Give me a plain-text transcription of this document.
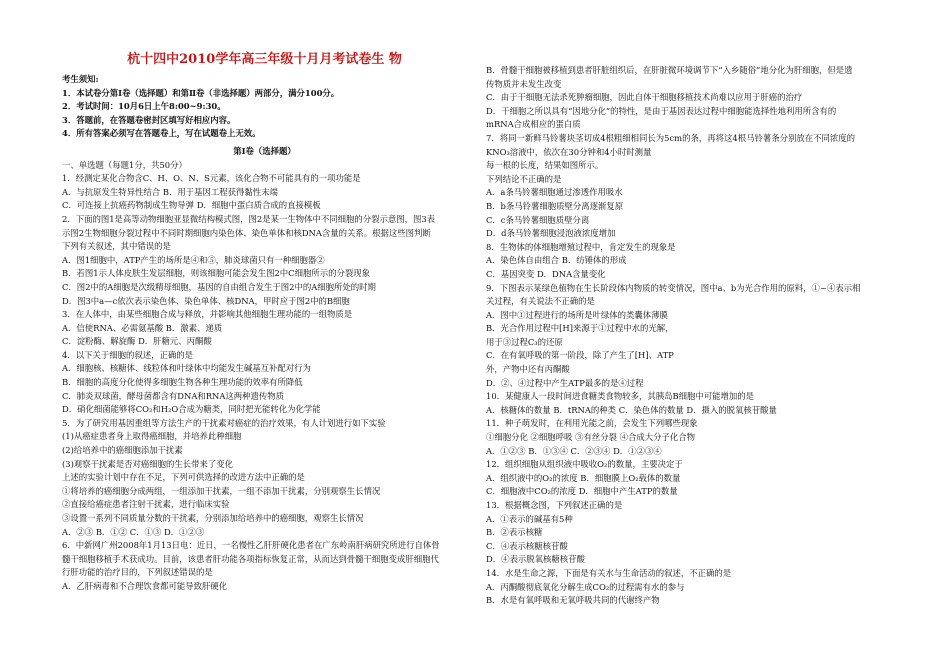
杭十四中2010学年高三年级十月月考试卷生 物
考生须知:
1．本试卷分第Ⅰ卷（选择题）和第Ⅱ卷（非选择题）两部分，满分100分。
2．考试时间：10月6日上午8:00~9:30。
3．答题前，在答题卷密封区填写好相应内容。
4．所有答案必须写在答题卷上，写在试题卷上无效。
第Ⅰ卷（选择题）
一、单选题（每题1分，共50分）
1．经测定某化合物含C、H、O、N、S元素，该化合物不可能具有的一项功能是
A．与抗原发生特异性结合 B．用于基因工程获得黏性末端
C．可连接上抗癌药物制成生物导弹 D．细胞中蛋白质合成的直接模板
2．下面的图1是高等动物细胞亚显微结构模式图，图2是某一生物体中不同细胞的分裂示意图，图3表
示图2生物细胞分裂过程中不同时期细胞内染色体、染色单体和核DNA含量的关系。根据这些图判断
下列有关叙述，其中错误的是
A．图1细胞中，ATP产生的场所是④和⑤，肺炎球菌只有一种细胞器②
B．若图1示人体皮肤生发层细胞，则该细胞可能会发生图2中C细胞所示的分裂现象
C．图2中的A细胞是次级精母细胞，基因的自由组合发生于图2中的A细胞所处的时期
D．图3中a—c依次表示染色体、染色单体、核DNA，甲时应于图2中的B细胞
3．在人体中，由某些细胞合成与释放，并影响其他细胞生理功能的一组物质是
A．信使RNA、必需氨基酸 B．激素、递质
C．淀粉酶、解旋酶 D．肝糖元、丙酮酸
4．以下关于细胞的叙述，正确的是
A．细胞核、核糖体、线粒体和叶绿体中均能发生碱基互补配对行为
B．细胞的高度分化使得多细胞生物各种生理功能的效率有所降低
C．肺炎双球菌，酵母菌都含有DNA和RNA这两种遗传物质
D．硝化细菌能够将CO₂和H₂O合成为糖类，同时把光能转化为化学能
5．为了研究用基因重组等方法生产的干扰素对癌症的治疗效果，有人计划进行如下实验
(1)从癌症患者身上取得癌细胞，并培养此种细胞
(2)给培养中的癌细胞添加干扰素
(3)观察干扰素是否对癌细胞的生长带来了变化
上述的实验计划中存在不足，下列可供选择的改进方法中正确的是
①将培养的癌细胞分成两组，一组添加干扰素，一组不添加干扰素，分别观察生长情况
②直接给癌症患者注射干扰素，进行临床实验
③设置一系列不同质量分数的干扰素，分别添加给培养中的癌细胞，观察生长情况
A．②③ B．①② C．①③ D．①②③
6．中新网广州2008年1月13日电：近日，一名慢性乙肝肝硬化患者在广东岭南肝病研究所进行自体骨
髓干细胞移植手术获成功。目前，该患者肝功能各项指标恢复正常，从而达到骨髓干细胞变成肝细胞代
行肝功能的治疗目的，下列叙述错误的是
A．乙肝病毒和不合理饮食都可能导致肝硬化
B．骨髓干细胞被移植到患者肝脏组织后，在肝脏微环境调节下“入乡随俗”地分化为肝细胞，但是遗
传物质并未发生改变
C．由于干细胞无法杀死肿瘤细胞，因此自体干细胞移植技术尚难以应用于肝癌的治疗
D．干细胞之所以具有“因地分化”的特性，是由于基因表达过程中细胞能选择性地利用所含有的
mRNA合成相应的蛋白质
7．将同一新鲜马铃薯块茎切成4根粗细相同长为5cm的条，再将这4根马铃薯条分别放在不同浓度的
KNO₃溶液中，依次在30分钟和4小时时测量
每一根的长度，结果如图所示。
下列结论不正确的是
A．a条马铃薯细胞通过渗透作用吸水
B．b条马铃薯细胞质壁分离逐渐复原
C．c条马铃薯细胞质壁分离
D．d条马铃薯细胞浸泡液浓度增加
8．生物体的体细胞增殖过程中，肯定发生的现象是
A．染色体自由组合 B．纺锤体的形成
C．基因突变 D．DNA含量变化
9．下图表示某绿色植物在生长阶段体内物质的转变情况，图中a、b为光合作用的原料，①~④表示相
关过程，有关说法不正确的是
A．图中①过程进行的场所是叶绿体的类囊体薄膜
B．光合作用过程中[H]来源于①过程中水的光解，
用于③过程C₃的还原
C．在有氧呼吸的第一阶段，除了产生了[H]、ATP
外，产物中还有丙酮酸
D．②、④过程中产生ATP最多的是④过程
10．某健康人一段时间进食糖类食物较多，其胰岛B细胞中可能增加的是
A．核糖体的数量 B．tRNA的种类 C．染色体的数量 D．摄入的脱氧核苷酸量
11．种子萌发时，在利用光能之前，会发生下列哪些现象
①细胞分化 ②细胞呼吸 ③有丝分裂 ④合成大分子化合物
A．①②③ B．①③④ C．②③④ D．①②③④
12．组织细胞从组织液中吸收O₂的数量，主要决定于
A．组织液中的O₂的浓度 B．细胞膜上O₂载体的数量
C．细胞液中CO₂的浓度 D．细胞中产生ATP的数量
13．根据概念图，下列叙述正确的是
A．①表示的碱基有5种
B．②表示核糖
C．④表示核糖核苷酸
D．④表示脱氧核糖核苷酸
14．水是生命之源，下面是有关水与生命活动的叙述，不正确的是
A．丙酮酸彻底氧化分解生成CO₂的过程需有水的参与
B．水是有氧呼吸和无氧呼吸共同的代谢终产物
